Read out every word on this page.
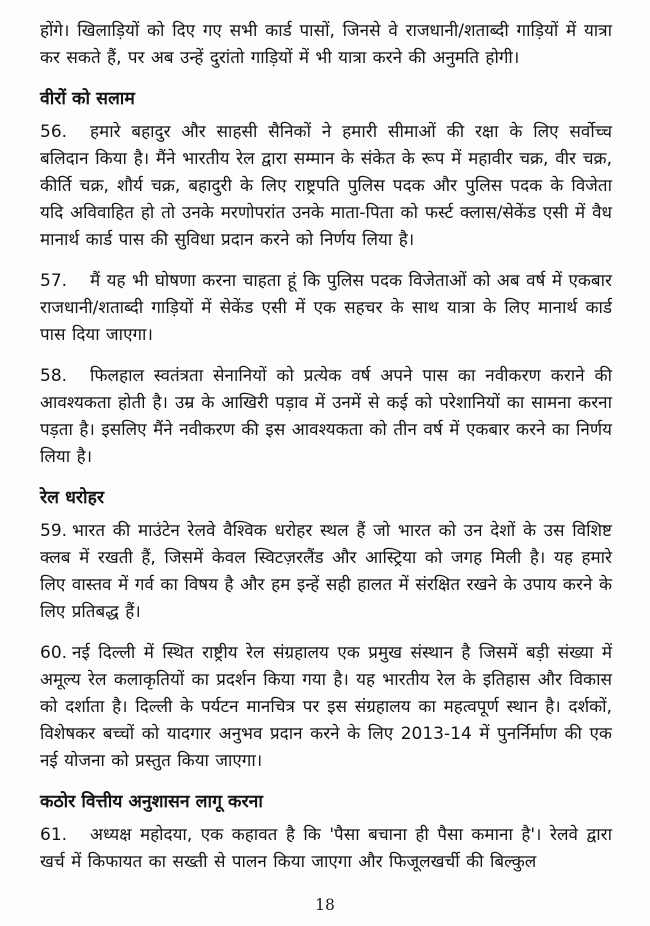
होंगे। खिलाड़ियों को दिए गए सभी कार्ड पासों, जिनसे वे राजधानी/शताब्दी गाड़ियों में यात्रा कर सकते हैं, पर अब उन्हें दुरांतो गाड़ियों में भी यात्रा करने की अनुमति होगी।

वीरों को सलाम

56. हमारे बहादुर और साहसी सैनिकों ने हमारी सीमाओं की रक्षा के लिए सर्वोच्च बलिदान किया है। मैंने भारतीय रेल द्वारा सम्मान के संकेत के रूप में महावीर चक्र, वीर चक्र, कीर्ति चक्र, शौर्य चक्र, बहादुरी के लिए राष्ट्रपति पुलिस पदक और पुलिस पदक के विजेता यदि अविवाहित हो तो उनके मरणोपरांत उनके माता-पिता को फर्स्ट क्लास/सेकेंड एसी में वैध मानार्थ कार्ड पास की सुविधा प्रदान करने को निर्णय लिया है।

57. मैं यह भी घोषणा करना चाहता हूं कि पुलिस पदक विजेताओं को अब वर्ष में एकबार राजधानी/शताब्दी गाड़ियों में सेकेंड एसी में एक सहचर के साथ यात्रा के लिए मानार्थ कार्ड पास दिया जाएगा।

58. फिलहाल स्वतंत्रता सेनानियों को प्रत्येक वर्ष अपने पास का नवीकरण कराने की आवश्यकता होती है। उम्र के आखिरी पड़ाव में उनमें से कई को परेशानियों का सामना करना पड़ता है। इसलिए मैंने नवीकरण की इस आवश्यकता को तीन वर्ष में एकबार करने का निर्णय लिया है।

रेल धरोहर

59. भारत की माउंटेन रेलवे वैश्विक धरोहर स्थल हैं जो भारत को उन देशों के उस विशिष्ट क्लब में रखती हैं, जिसमें केवल स्विटज़रलैंड और आस्ट्रिया को जगह मिली है। यह हमारे लिए वास्तव में गर्व का विषय है और हम इन्हें सही हालत में संरक्षित रखने के उपाय करने के लिए प्रतिबद्ध हैं।

60. नई दिल्ली में स्थित राष्ट्रीय रेल संग्रहालय एक प्रमुख संस्थान है जिसमें बड़ी संख्या में अमूल्य रेल कलाकृतियों का प्रदर्शन किया गया है। यह भारतीय रेल के इतिहास और विकास को दर्शाता है। दिल्ली के पर्यटन मानचित्र पर इस संग्रहालय का महत्वपूर्ण स्थान है। दर्शकों, विशेषकर बच्चों को यादगार अनुभव प्रदान करने के लिए 2013-14 में पुनर्निर्माण की एक नई योजना को प्रस्तुत किया जाएगा।

कठोर वित्तीय अनुशासन लागू करना

61. अध्यक्ष महोदया, एक कहावत है कि 'पैसा बचाना ही पैसा कमाना है'। रेलवे द्वारा खर्च में किफायत का सख्ती से पालन किया जाएगा और फिजूलखर्ची की बिल्कुल

18
